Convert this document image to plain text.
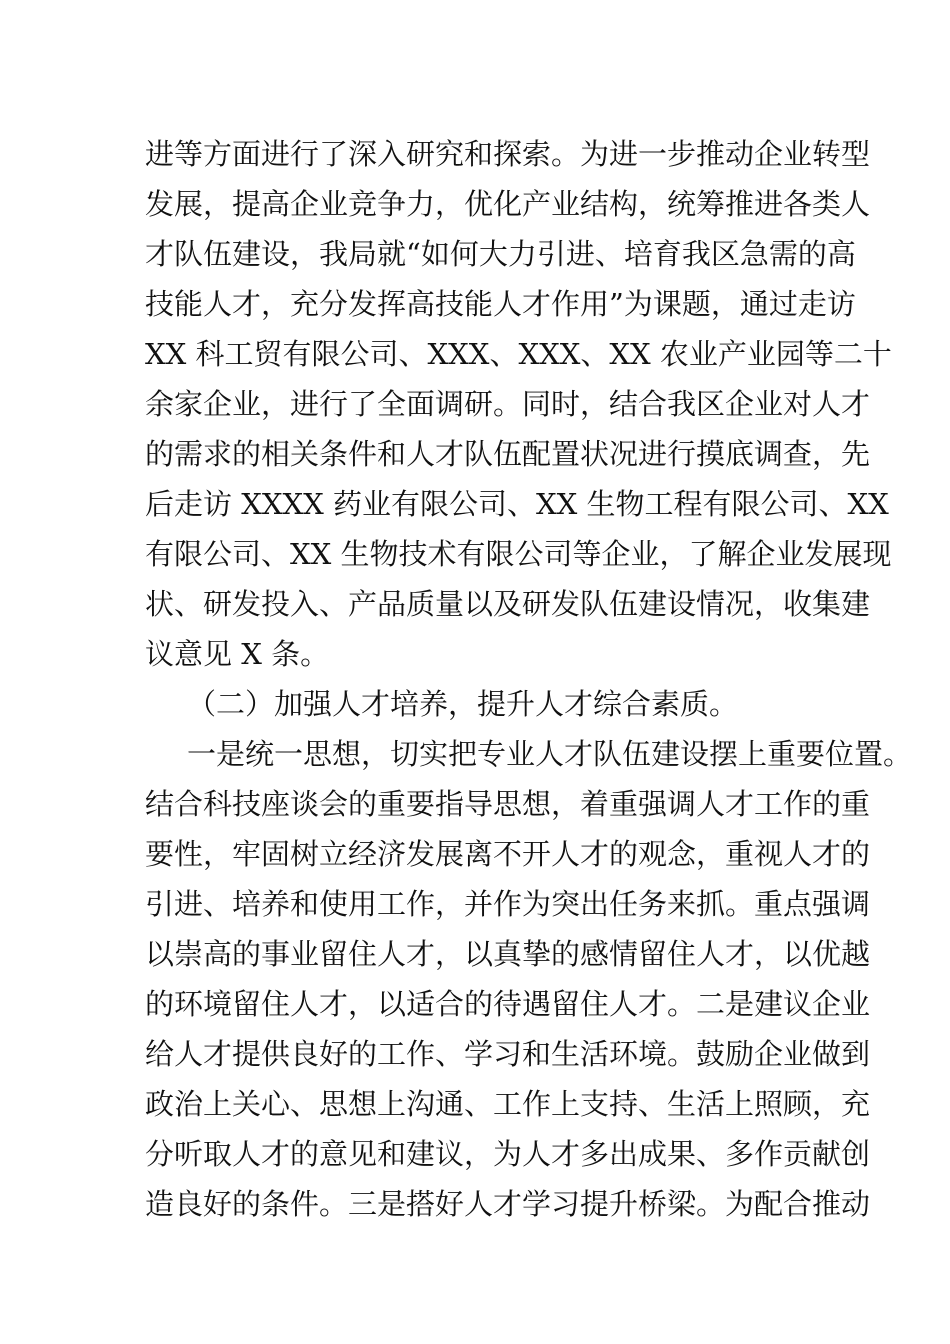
进等方面进行了深入研究和探索。为进一步推动企业转型
发展，提高企业竞争力，优化产业结构，统筹推进各类人
才队伍建设，我局就“如何大力引进、培育我区急需的高
技能人才，充分发挥高技能人才作用”为课题，通过走访
XX 科工贸有限公司、XXX、XXX、XX 农业产业园等二十
余家企业，进行了全面调研。同时，结合我区企业对人才
的需求的相关条件和人才队伍配置状况进行摸底调查，先
后走访 XXXX 药业有限公司、XX 生物工程有限公司、XX
有限公司、XX 生物技术有限公司等企业，了解企业发展现
状、研发投入、产品质量以及研发队伍建设情况，收集建
议意见 X 条。
（二）加强人才培养，提升人才综合素质。
一是统一思想，切实把专业人才队伍建设摆上重要位置。
结合科技座谈会的重要指导思想，着重强调人才工作的重
要性，牢固树立经济发展离不开人才的观念，重视人才的
引进、培养和使用工作，并作为突出任务来抓。重点强调
以崇高的事业留住人才，以真挚的感情留住人才，以优越
的环境留住人才，以适合的待遇留住人才。二是建议企业
给人才提供良好的工作、学习和生活环境。鼓励企业做到
政治上关心、思想上沟通、工作上支持、生活上照顾，充
分听取人才的意见和建议，为人才多出成果、多作贡献创
造良好的条件。三是搭好人才学习提升桥梁。为配合推动
